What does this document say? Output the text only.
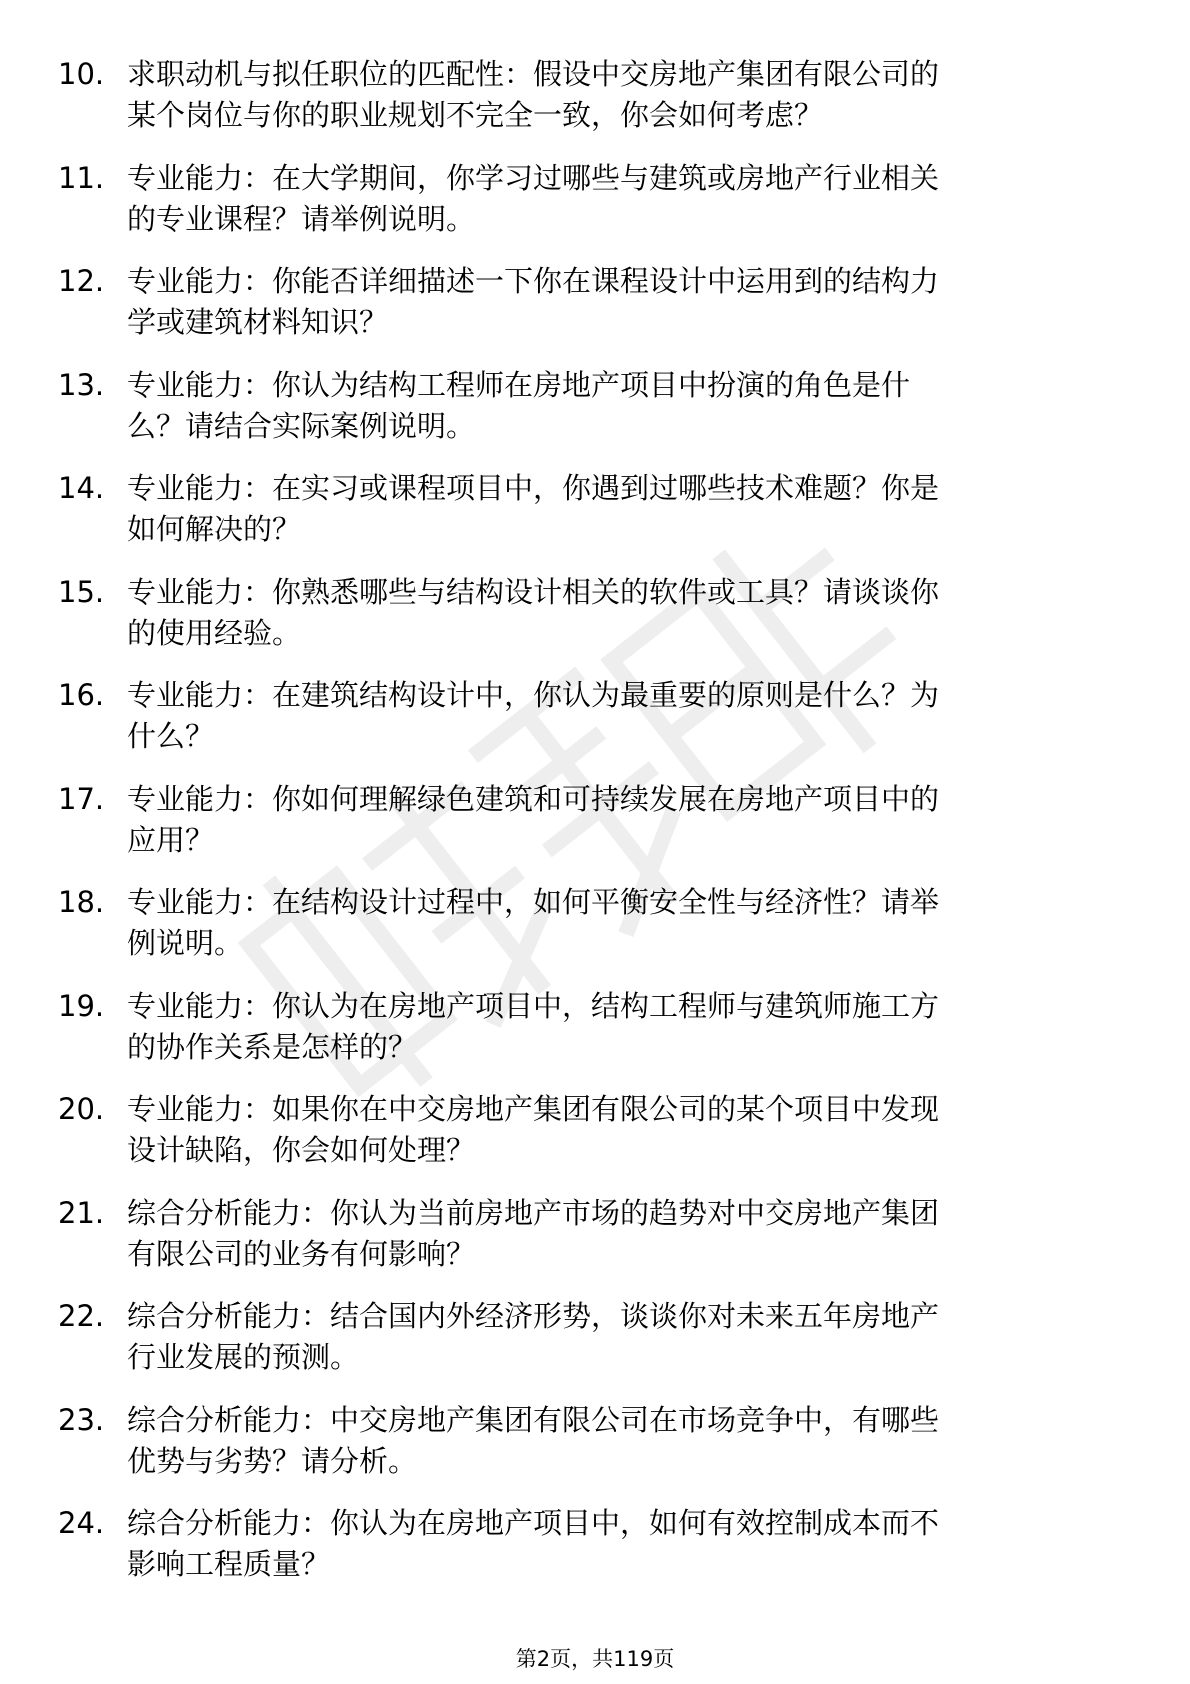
10. 求职动机与拟任职位的匹配性：假设中交房地产集团有限公司的
某个岗位与你的职业规划不完全一致，你会如何考虑？
11. 专业能力：在大学期间，你学习过哪些与建筑或房地产行业相关
的专业课程？请举例说明。
12. 专业能力：你能否详细描述一下你在课程设计中运用到的结构力
学或建筑材料知识？
13. 专业能力：你认为结构工程师在房地产项目中扮演的角色是什
么？请结合实际案例说明。
14. 专业能力：在实习或课程项目中，你遇到过哪些技术难题？你是
如何解决的？
15. 专业能力：你熟悉哪些与结构设计相关的软件或工具？请谈谈你
的使用经验。
16. 专业能力：在建筑结构设计中，你认为最重要的原则是什么？为
什么？
17. 专业能力：你如何理解绿色建筑和可持续发展在房地产项目中的
应用？
18. 专业能力：在结构设计过程中，如何平衡安全性与经济性？请举
例说明。
19. 专业能力：你认为在房地产项目中，结构工程师与建筑师施工方
的协作关系是怎样的？
20. 专业能力：如果你在中交房地产集团有限公司的某个项目中发现
设计缺陷，你会如何处理？
21. 综合分析能力：你认为当前房地产市场的趋势对中交房地产集团
有限公司的业务有何影响？
22. 综合分析能力：结合国内外经济形势，谈谈你对未来五年房地产
行业发展的预测。
23. 综合分析能力：中交房地产集团有限公司在市场竞争中，有哪些
优势与劣势？请分析。
24. 综合分析能力：你认为在房地产项目中，如何有效控制成本而不
影响工程质量？
第2页，共119页
